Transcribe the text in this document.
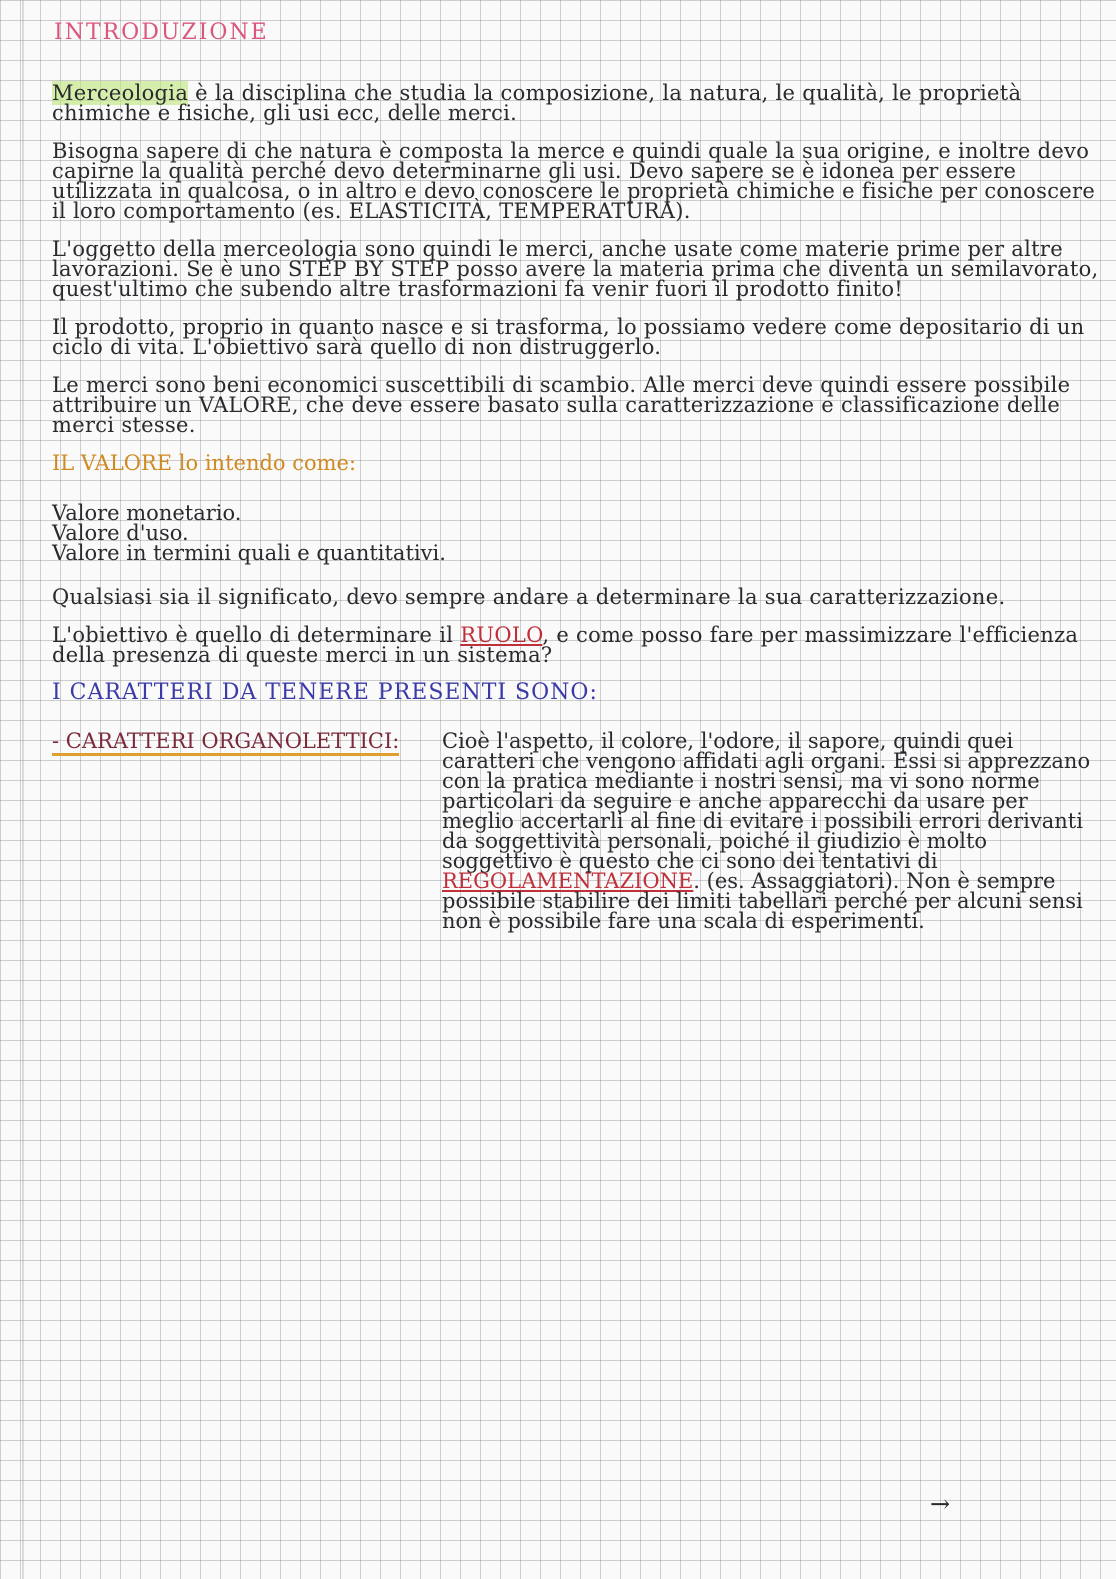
INTRODUZIONE

Merceologia è la disciplina che studia la composizione, la natura, le qualità, le proprietà chimiche e fisiche, gli usi ecc, delle merci.

Bisogna sapere di che natura è composta la merce e quindi quale la sua origine, e inoltre devo capirne la qualità perché devo determinarne gli usi. Devo sapere se è idonea per essere utilizzata in qualcosa, o in altro e devo conoscere le proprietà chimiche e fisiche per conoscere il loro comportamento (es. ELASTICITÀ, TEMPERATURA).

L'oggetto della merceologia sono quindi le merci, anche usate come materie prime per altre lavorazioni. Se è uno STEP BY STEP posso avere la materia prima che diventa un semilavorato, quest'ultimo che subendo altre trasformazioni fa venir fuori il prodotto finito!

Il prodotto, proprio in quanto nasce e si trasforma, lo possiamo vedere come depositario di un ciclo di vita. L'obiettivo sarà quello di non distruggerlo.

Le merci sono beni economici suscettibili di scambio. Alle merci deve quindi essere possibile attribuire un VALORE, che deve essere basato sulla caratterizzazione e classificazione delle merci stesse.

IL VALORE lo intendo come:
Valore monetario.
Valore d'uso.
Valore in termini quali e quantitativi.

Qualsiasi sia il significato, devo sempre andare a determinare la sua caratterizzazione.

L'obiettivo è quello di determinare il RUOLO, e come posso fare per massimizzare l'efficienza della presenza di queste merci in un sistema?

I CARATTERI DA TENERE PRESENTI SONO:
- CARATTERI ORGANOLETTICI:	Cioè l'aspetto, il colore, l'odore, il sapore, quindi quei caratteri che vengono affidati agli organi. Essi si apprezzano con la pratica mediante i nostri sensi, ma vi sono norme particolari da seguire e anche apparecchi da usare per meglio accertarli al fine di evitare i possibili errori derivanti da soggettività personali, poiché il giudizio è molto soggettivo è questo che ci sono dei tentativi di REGOLAMENTAZIONE. (es. Assaggiatori). Non è sempre possibile stabilire dei limiti tabellari perché per alcuni sensi non è possibile fare una scala di esperimenti.
→
